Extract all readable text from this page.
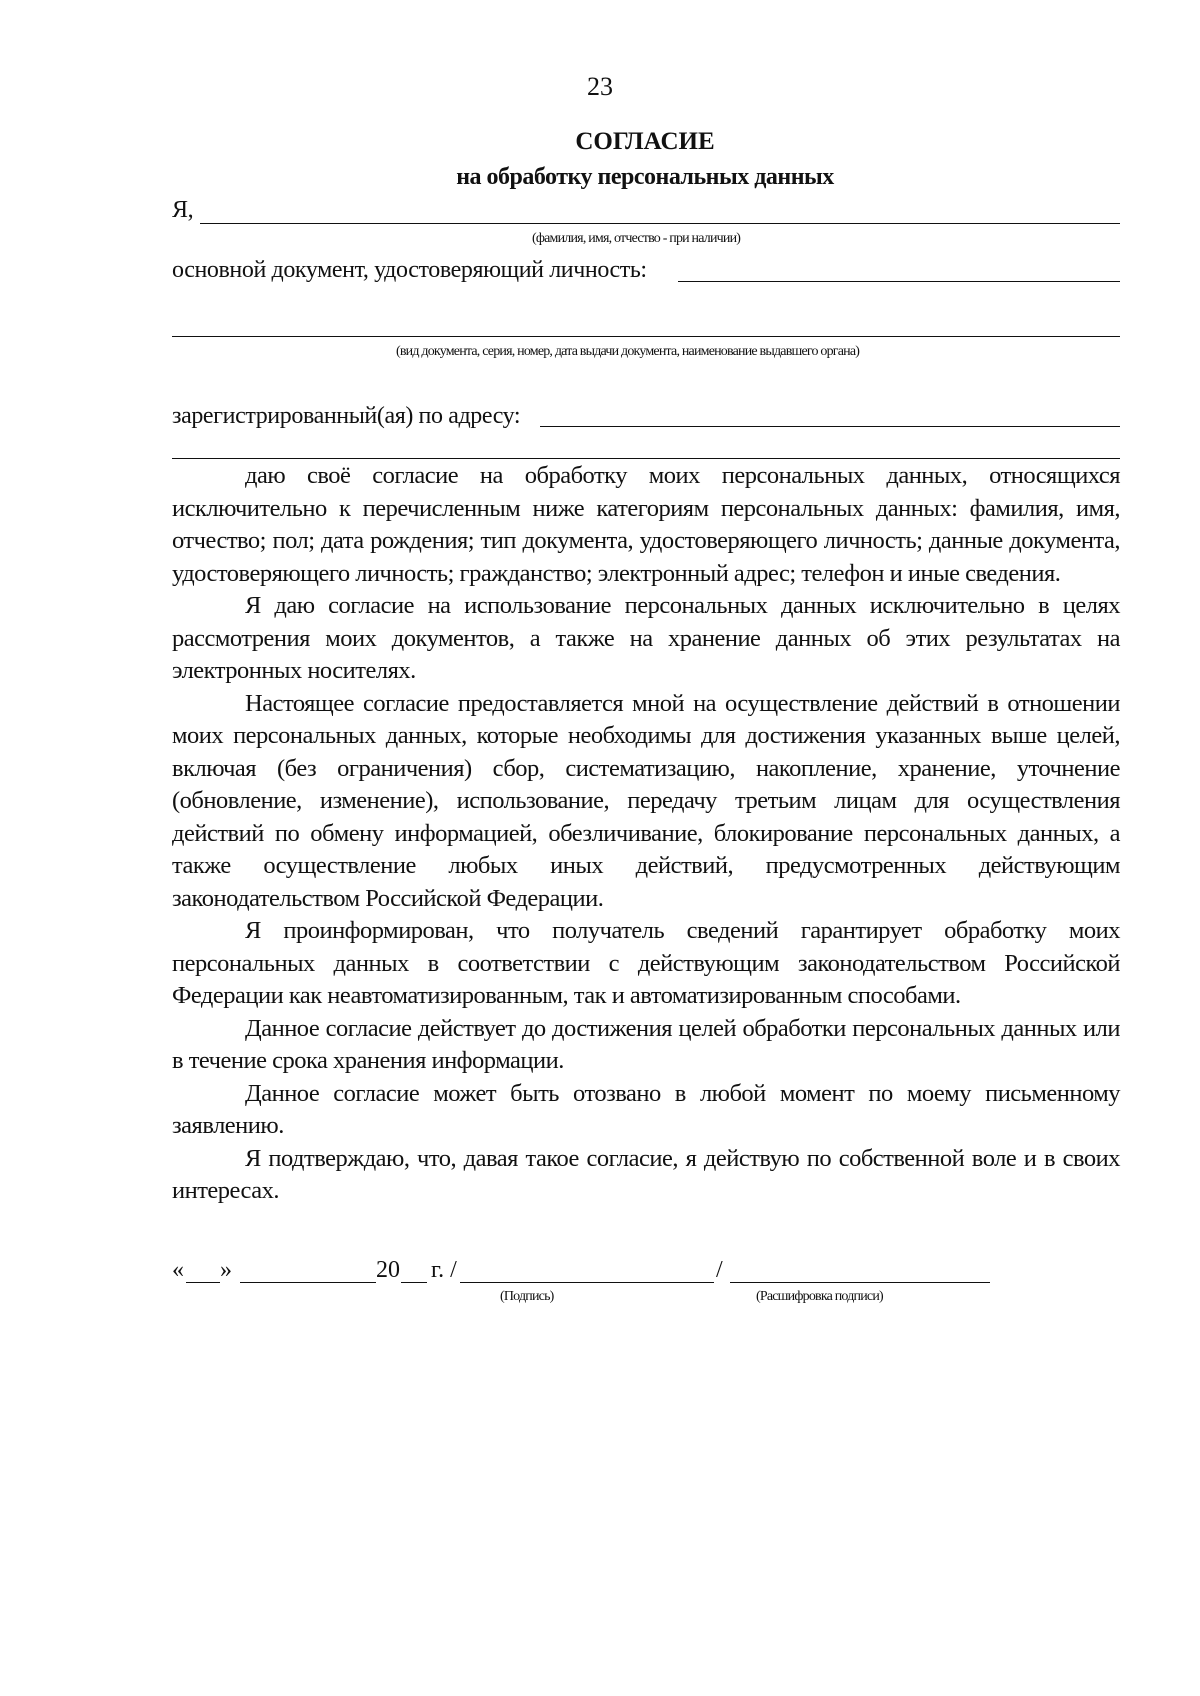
23
СОГЛАСИЕ
на обработку персональных данных
Я,
(фамилия, имя, отчество - при наличии)
основной документ, удостоверяющий личность:
(вид документа, серия, номер, дата выдачи документа, наименование выдавшего органа)
зарегистрированный(ая) по адресу:

даю своё согласие на обработку моих персональных данных, относящихся исключительно к перечисленным ниже категориям персональных данных: фамилия, имя, отчество; пол; дата рождения; тип документа, удостоверяющего личность; данные документа, удостоверяющего личность; гражданство; электронный адрес; телефон и иные сведения.

Я даю согласие на использование персональных данных исключительно в целях рассмотрения моих документов, а также на хранение данных об этих результатах на электронных носителях.

Настоящее согласие предоставляется мной на осуществление действий в отношении моих персональных данных, которые необходимы для достижения указанных выше целей, включая (без ограничения) сбор, систематизацию, накопление, хранение, уточнение (обновление, изменение), использование, передачу третьим лицам для осуществления действий по обмену информацией, обезличивание, блокирование персональных данных, а также осуществление любых иных действий, предусмотренных действующим законодательством Российской Федерации.

Я проинформирован, что получатель сведений гарантирует обработку моих персональных данных в соответствии с действующим законодательством Российской Федерации как неавтоматизированным, так и автоматизированным способами.

Данное согласие действует до достижения целей обработки персональных данных или в течение срока хранения информации.

Данное согласие может быть отозвано в любой момент по моему письменному заявлению.

Я подтверждаю, что, давая такое согласие, я действую по собственной воле и в своих интересах.

« »	20 г. /	/
(Подпись)	(Расшифровка подписи)
